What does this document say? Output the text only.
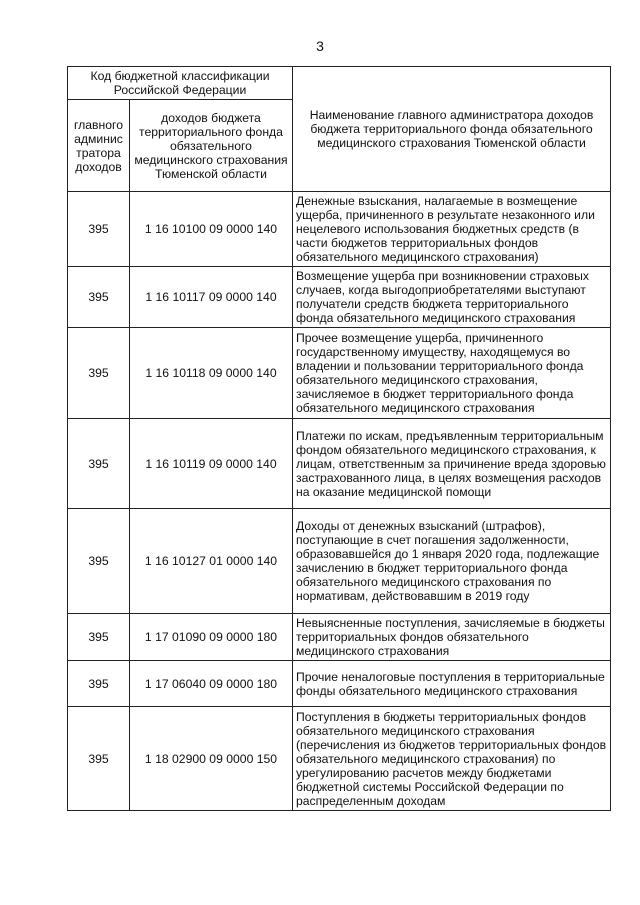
3
Код бюджетной классификации Российской Федерации		Наименование главного администратора доходов бюджета территориального фонда обязательного медицинского страхования Тюменской области
главного админис тратора доходов	доходов бюджета территориального фонда обязательного медицинского страхования Тюменской области	
395	1 16 10100 09 0000 140	Денежные взыскания, налагаемые в возмещение ущерба, причиненного в результате незаконного или нецелевого использования бюджетных средств (в части бюджетов территориальных фондов обязательного медицинского страхования)
395	1 16 10117 09 0000 140	Возмещение ущерба при возникновении страховых случаев, когда выгодоприобретателями выступают получатели средств бюджета территориального фонда обязательного медицинского страхования
395	1 16 10118 09 0000 140	Прочее возмещение ущерба, причиненного государственному имуществу, находящемуся во владении и пользовании территориального фонда обязательного медицинского страхования, зачисляемое в бюджет территориального фонда обязательного медицинского страхования
395	1 16 10119 09 0000 140	Платежи по искам, предъявленным территориальным фондом обязательного медицинского страхования, к лицам, ответственным за причинение вреда здоровью застрахованного лица, в целях возмещения расходов на оказание медицинской помощи
395	1 16 10127 01 0000 140	Доходы от денежных взысканий (штрафов), поступающие в счет погашения задолженности, образовавшейся до 1 января 2020 года, подлежащие зачислению в бюджет территориального фонда обязательного медицинского страхования по нормативам, действовавшим в 2019 году
395	1 17 01090 09 0000 180	Невыясненные поступления, зачисляемые в бюджеты территориальных фондов обязательного медицинского страхования
395	1 17 06040 09 0000 180	Прочие неналоговые поступления в территориальные фонды обязательного медицинского страхования
395	1 18 02900 09 0000 150	Поступления в бюджеты территориальных фондов обязательного медицинского страхования (перечисления из бюджетов территориальных фондов обязательного медицинского страхования) по урегулированию расчетов между бюджетами бюджетной системы Российской Федерации по распределенным доходам
